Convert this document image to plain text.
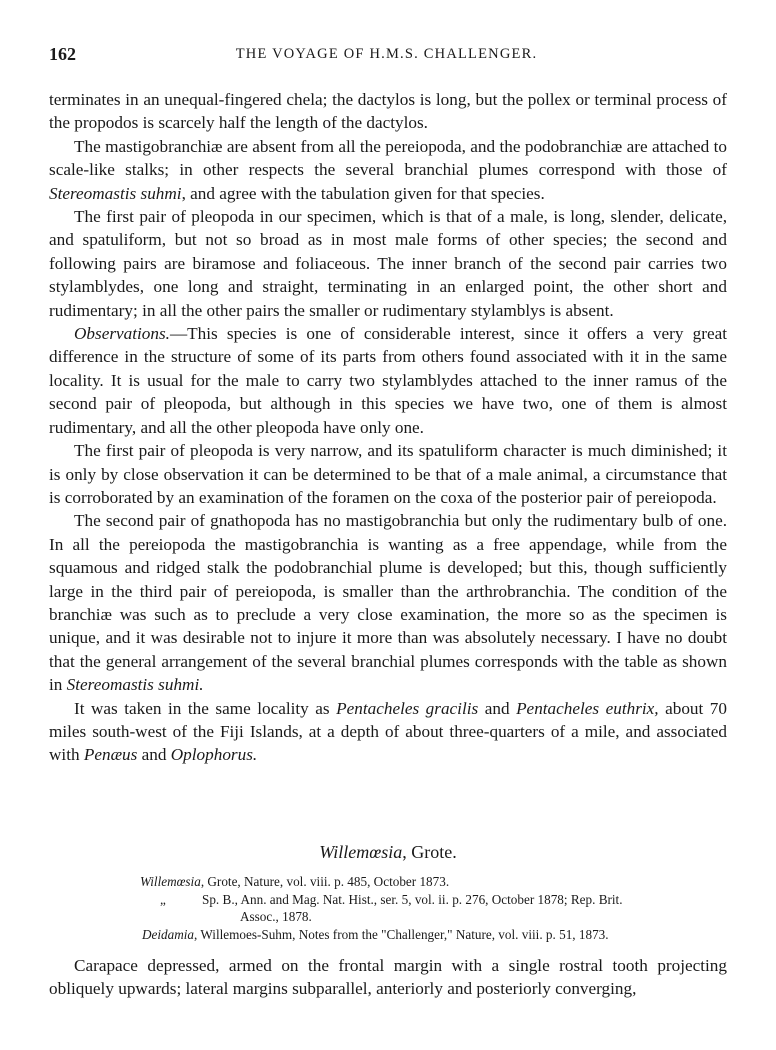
162	THE VOYAGE OF H.M.S. CHALLENGER.

terminates in an unequal-fingered chela; the dactylos is long, but the pollex or terminal process of the propodos is scarcely half the length of the dactylos.

The mastigobranchiæ are absent from all the pereiopoda, and the podobranchiæ are attached to scale-like stalks; in other respects the several branchial plumes correspond with those of Stereomastis suhmi, and agree with the tabulation given for that species.

The first pair of pleopoda in our specimen, which is that of a male, is long, slender, delicate, and spatuliform, but not so broad as in most male forms of other species; the second and following pairs are biramose and foliaceous. The inner branch of the second pair carries two stylamblydes, one long and straight, terminating in an enlarged point, the other short and rudimentary; in all the other pairs the smaller or rudimentary stylamblys is absent.

Observations.—This species is one of considerable interest, since it offers a very great difference in the structure of some of its parts from others found associated with it in the same locality. It is usual for the male to carry two stylamblydes attached to the inner ramus of the second pair of pleopoda, but although in this species we have two, one of them is almost rudimentary, and all the other pleopoda have only one.

The first pair of pleopoda is very narrow, and its spatuliform character is much diminished; it is only by close observation it can be determined to be that of a male animal, a circumstance that is corroborated by an examination of the foramen on the coxa of the posterior pair of pereiopoda.

The second pair of gnathopoda has no mastigobranchia but only the rudimentary bulb of one. In all the pereiopoda the mastigobranchia is wanting as a free appendage, while from the squamous and ridged stalk the podobranchial plume is developed; but this, though sufficiently large in the third pair of pereiopoda, is smaller than the arthrobranchia. The condition of the branchiæ was such as to preclude a very close examination, the more so as the specimen is unique, and it was desirable not to injure it more than was absolutely necessary. I have no doubt that the general arrangement of the several branchial plumes corresponds with the table as shown in Stereomastis suhmi.

It was taken in the same locality as Pentacheles gracilis and Pentacheles euthrix, about 70 miles south-west of the Fiji Islands, at a depth of about three-quarters of a mile, and associated with Penæus and Oplophorus.

Willemœsia, Grote.

Willemœsia, Grote, Nature, vol. viii. p. 485, October 1873.

„	Sp. B., Ann. and Mag. Nat. Hist., ser. 5, vol. ii. p. 276, October 1878; Rep. Brit.

Assoc., 1878.

Deidamia, Willemoes-Suhm, Notes from the "Challenger," Nature, vol. viii. p. 51, 1873.

Carapace depressed, armed on the frontal margin with a single rostral tooth projecting obliquely upwards; lateral margins subparallel, anteriorly and posteriorly converging,
